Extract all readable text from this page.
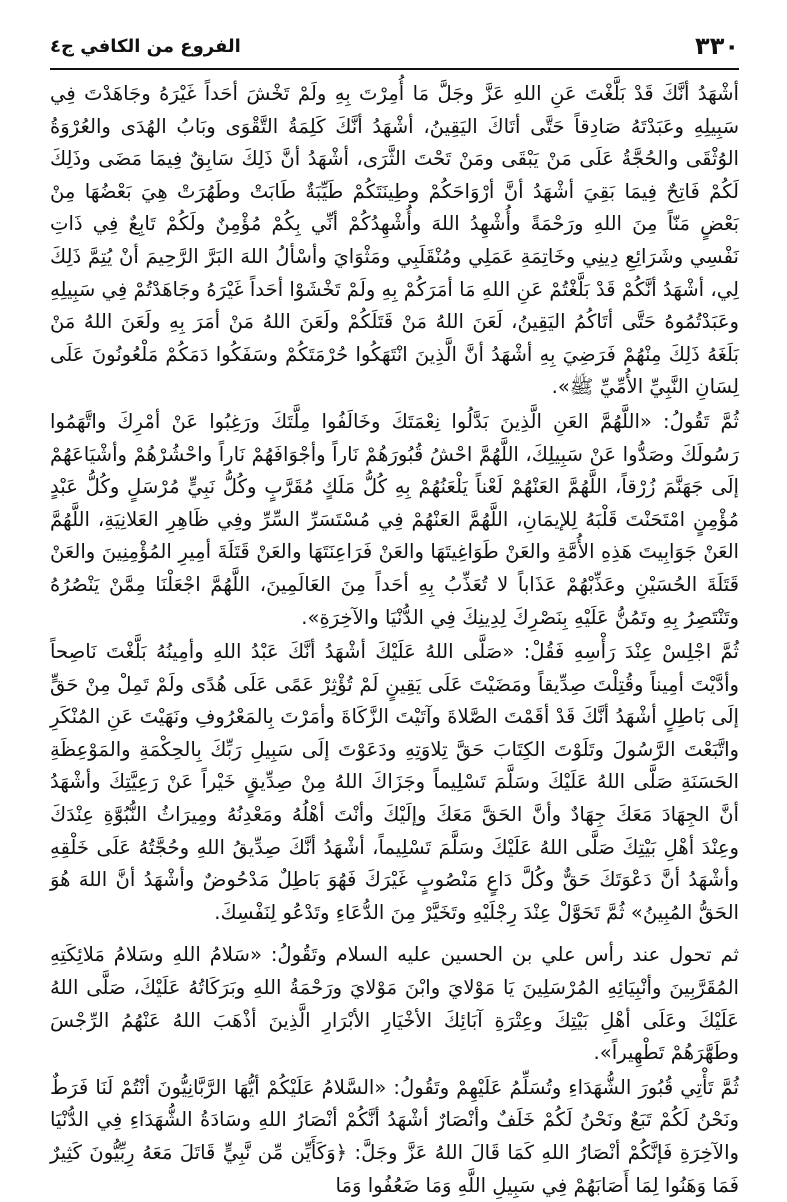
٣٣٠
الفروع من الكافي ج٤

أشْهَدُ أنَّكَ قَدْ بَلَّغْتَ عَنِ اللهِ عَزَّ وجَلَّ مَا أُمِرْتَ بِهِ ولَمْ تَخْشَ أحَداً غَيْرَهُ وجَاهَدْتَ فِي سَبِيلِهِ وعَبَدْتَهُ صَادِقاً حَتَّى أتَاكَ اليَقِينُ، أشْهَدُ أنَّكَ كَلِمَةُ التَّقْوَى وبَابُ الهُدَى والعُرْوَةُ الوُثْقَى والحُجَّةُ عَلَى مَنْ يَبْقَى ومَنْ تَحْتَ الثَّرَى، أشْهَدُ أنَّ ذَلِكَ سَابِقٌ فِيمَا مَضَى وذَلِكَ لَكُمْ فَاتِحٌ فِيمَا بَقِيَ أشْهَدُ أنَّ أرْوَاحَكُمْ وطِينَتَكُمْ طَيِّبَةٌ طَابَتْ وطَهُرَتْ هِيَ بَعْضُهَا مِنْ بَعْضٍ مَنّاً مِنَ اللهِ ورَحْمَةً وأُشْهِدُ اللهَ وأُشْهِدُكُمْ أنِّي بِكُمْ مُؤْمِنٌ ولَكُمْ تَابِعٌ فِي ذَاتِ نَفْسِي وشَرَائِعِ دِينِي وخَاتِمَةِ عَمَلِي ومُنْقَلَبِي ومَثْوَايَ وأسْألُ اللهَ البَرَّ الرَّحِيمَ أنْ يُتِمَّ ذَلِكَ لِي، أشْهَدُ أنَّكُمْ قَدْ بَلَّغْتُمْ عَنِ اللهِ مَا أمَرَكُمْ بِهِ ولَمْ تَخْشَوْا أحَداً غَيْرَهُ وجَاهَدْتُمْ فِي سَبِيلِهِ وعَبَدْتُمُوهُ حَتَّى أتَاكُمُ اليَقِينُ، لَعَنَ اللهُ مَنْ قَتَلَكُمْ ولَعَنَ اللهُ مَنْ أمَرَ بِهِ ولَعَنَ اللهُ مَنْ بَلَغَهُ ذَلِكَ مِنْهُمْ فَرَضِيَ بِهِ أشْهَدُ أنَّ الَّذِينَ انْتَهَكُوا حُرْمَتَكُمْ وسَفَكُوا دَمَكُمْ مَلْعُونُونَ عَلَى لِسَانِ النَّبِيِّ الأُمِّيِّ ﷺ».

ثُمَّ تَقُولُ: «اللَّهُمَّ العَنِ الَّذِينَ بَدَّلُوا نِعْمَتَكَ وخَالَفُوا مِلَّتَكَ ورَغِبُوا عَنْ أمْرِكَ واتَّهَمُوا رَسُولَكَ وصَدُّوا عَنْ سَبِيلِكَ، اللَّهُمَّ احْشُ قُبُورَهُمْ نَاراً وأجْوَافَهُمْ نَاراً واحْشُرْهُمْ وأشْيَاعَهُمْ إلَى جَهَنَّمَ زُرْقاً، اللَّهُمَّ العَنْهُمْ لَعْناً يَلْعَنُهُمْ بِهِ كُلُّ مَلَكٍ مُقَرَّبٍ وكُلُّ نَبِيٍّ مُرْسَلٍ وكُلُّ عَبْدٍ مُؤْمِنٍ امْتَحَنْتَ قَلْبَهُ لِلإيمَانِ، اللَّهُمَّ العَنْهُمْ فِي مُسْتَسَرِّ السِّرِّ وفِي ظَاهِرِ العَلانِيَةِ، اللَّهُمَّ العَنْ جَوَابِيتَ هَذِهِ الأُمَّةِ والعَنْ طَوَاغِيتَهَا والعَنْ فَرَاعِنَتَهَا والعَنْ قَتَلَةَ أمِيرِ المُؤْمِنِينَ والعَنْ قَتَلَةَ الحُسَيْنِ وعَذِّبْهُمْ عَذَاباً لا تُعَذِّبُ بِهِ أحَداً مِنَ العَالَمِينَ، اللَّهُمَّ اجْعَلْنَا مِمَّنْ يَنْصُرُهُ وتَنْتَصِرُ بِهِ وتَمُنُّ عَلَيْهِ بِنَصْرِكَ لِدِينِكَ فِي الدُّنْيَا والآخِرَةِ».

ثُمَّ اجْلِسْ عِنْدَ رَأْسِهِ فَقُلْ: «صَلَّى اللهُ عَلَيْكَ أشْهَدُ أنَّكَ عَبْدُ اللهِ وأمِينُهُ بَلَّغْتَ نَاصِحاً وأدَّيْتَ أمِيناً وقُتِلْتَ صِدِّيقاً ومَضَيْتَ عَلَى يَقِينٍ لَمْ تُؤْثِرْ عَمًى عَلَى هُدًى ولَمْ تَمِلْ مِنْ حَقٍّ إلَى بَاطِلٍ أشْهَدُ أنَّكَ قَدْ أقَمْتَ الصَّلاةَ وآتَيْتَ الزَّكَاةَ وأمَرْتَ بِالمَعْرُوفِ ونَهَيْتَ عَنِ المُنْكَرِ واتَّبَعْتَ الرَّسُولَ وتَلَوْتَ الكِتَابَ حَقَّ تِلاوَتِهِ ودَعَوْتَ إلَى سَبِيلِ رَبِّكَ بِالحِكْمَةِ والمَوْعِظَةِ الحَسَنَةِ صَلَّى اللهُ عَلَيْكَ وسَلَّمَ تَسْلِيماً وجَزَاكَ اللهُ مِنْ صِدِّيقٍ خَيْراً عَنْ رَعِيَّتِكَ وأشْهَدُ أنَّ الجِهَادَ مَعَكَ جِهَادٌ وأنَّ الحَقَّ مَعَكَ وإلَيْكَ وأنْتَ أهْلُهُ ومَعْدِنُهُ ومِيرَاثُ النُّبُوَّةِ عِنْدَكَ وعِنْدَ أهْلِ بَيْتِكَ صَلَّى اللهُ عَلَيْكَ وسَلَّمَ تَسْلِيماً، أشْهَدُ أنَّكَ صِدِّيقُ اللهِ وحُجَّتُهُ عَلَى خَلْقِهِ وأشْهَدُ أنَّ دَعْوَتَكَ حَقٌّ وكُلَّ دَاعٍ مَنْصُوبٍ غَيْرَكَ فَهُوَ بَاطِلٌ مَدْحُوضٌ وأشْهَدُ أنَّ اللهَ هُوَ الحَقُّ المُبِينُ» ثُمَّ تَحَوَّلْ عِنْدَ رِجْلَيْهِ وتَخَيَّرْ مِنَ الدُّعَاءِ وتَدْعُو لِنَفْسِكَ.

ثم تحول عند رأس علي بن الحسين عليه السلام وتَقُولُ: «سَلامُ اللهِ وسَلامُ مَلائِكَتِهِ المُقَرَّبِينَ وأنْبِيَائِهِ المُرْسَلِينَ يَا مَوْلايَ وابْنَ مَوْلايَ ورَحْمَةُ اللهِ وبَرَكَاتُهُ عَلَيْكَ، صَلَّى اللهُ عَلَيْكَ وعَلَى أهْلِ بَيْتِكَ وعِتْرَةِ آبَائِكَ الأخْيَارِ الأبْرَارِ الَّذِينَ أذْهَبَ اللهُ عَنْهُمُ الرِّجْسَ وطَهَّرَهُمْ تَطْهِيراً».

ثُمَّ تَأْتِي قُبُورَ الشُّهَدَاءِ وتُسَلِّمُ عَلَيْهِمْ وتَقُولُ: «السَّلامُ عَلَيْكُمْ أيُّهَا الرَّبَّانِيُّونَ أنْتُمْ لَنَا فَرَطٌ ونَحْنُ لَكُمْ تَبَعٌ ونَحْنُ لَكُمْ خَلَفٌ وأنْصَارٌ أشْهَدُ أنَّكُمْ أنْصَارُ اللهِ وسَادَةُ الشُّهَدَاءِ فِي الدُّنْيَا والآخِرَةِ فَإنَّكُمْ أنْصَارُ اللهِ كَمَا قَالَ اللهُ عَزَّ وجَلَّ: ﴿وَكَأَيِّن مِّن نَّبِيٍّ قَاتَلَ مَعَهُ رِبِّيُّونَ كَثِيرٌ فَمَا وَهَنُوا لِمَا أَصَابَهُمْ فِي سَبِيلِ اللَّهِ وَمَا ضَعُفُوا وَمَا
